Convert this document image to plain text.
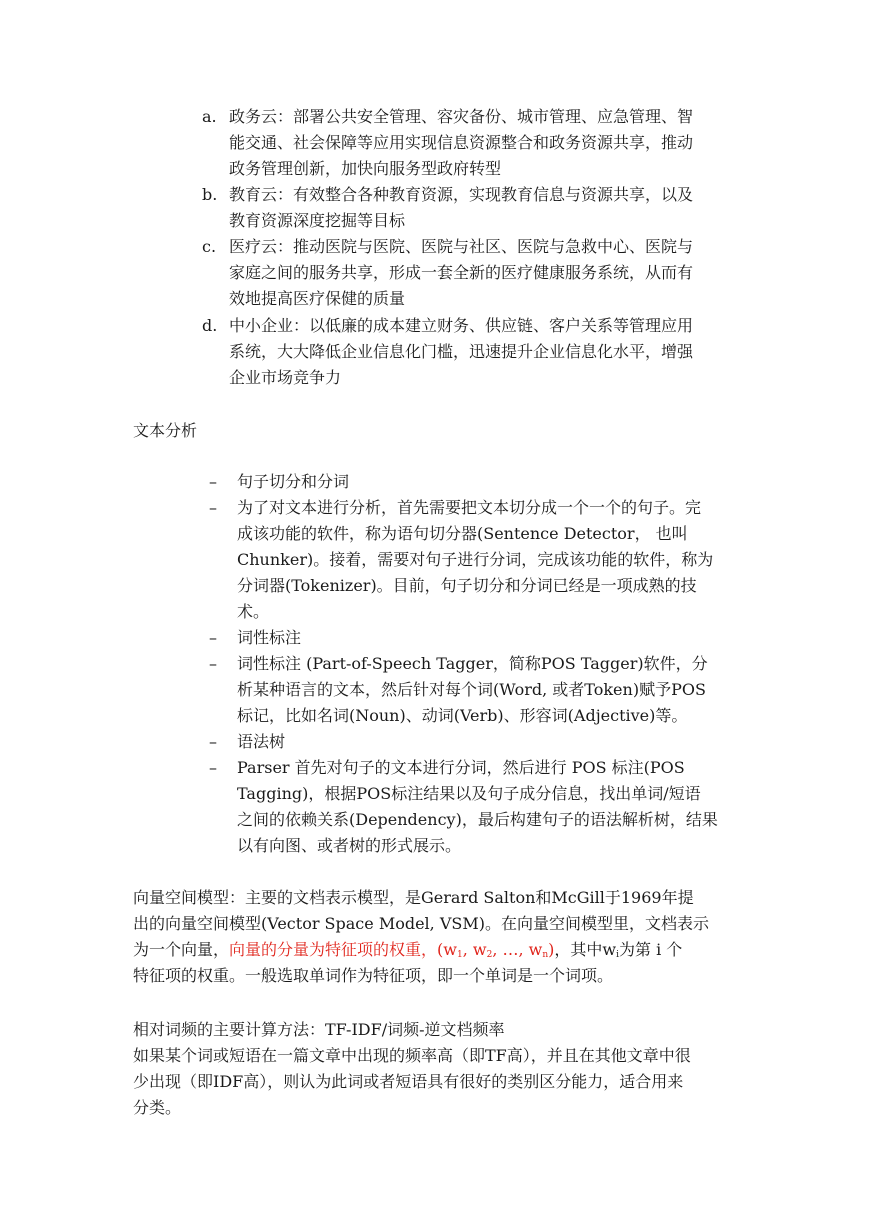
a. 政务云：部署公共安全管理、容灾备份、城市管理、应急管理、智
能交通、社会保障等应用实现信息资源整合和政务资源共享，推动
政务管理创新，加快向服务型政府转型
b. 教育云：有效整合各种教育资源，实现教育信息与资源共享，以及
教育资源深度挖掘等目标
c. 医疗云：推动医院与医院、医院与社区、医院与急救中心、医院与
家庭之间的服务共享，形成一套全新的医疗健康服务系统，从而有
效地提高医疗保健的质量
d. 中小企业：以低廉的成本建立财务、供应链、客户关系等管理应用
系统，大大降低企业信息化门槛，迅速提升企业信息化水平，增强
企业市场竞争力
文本分析
– 句子切分和分词
– 为了对文本进行分析，首先需要把文本切分成一个一个的句子。完
成该功能的软件，称为语句切分器(Sentence Detector， 也叫
Chunker)。接着，需要对句子进行分词，完成该功能的软件，称为
分词器(Tokenizer)。目前，句子切分和分词已经是一项成熟的技
术。
– 词性标注
– 词性标注 (Part-of-Speech Tagger，简称POS Tagger)软件，分
析某种语言的文本，然后针对每个词(Word, 或者Token)赋予POS
标记，比如名词(Noun)、动词(Verb)、形容词(Adjective)等。
– 语法树
– Parser 首先对句子的文本进行分词，然后进行 POS 标注(POS
Tagging)，根据POS标注结果以及句子成分信息，找出单词/短语
之间的依赖关系(Dependency)，最后构建句子的语法解析树，结果
以有向图、或者树的形式展示。
向量空间模型：主要的文档表示模型，是Gerard Salton和McGill于1969年提
出的向量空间模型(Vector Space Model, VSM)。在向量空间模型里，文档表示
为一个向量，向量的分量为特征项的权重，($w_1$, $w_2$, …, $w_n$)，其中$w_i$为第 i 个
特征项的权重。一般选取单词作为特征项，即一个单词是一个词项。
相对词频的主要计算方法：TF-IDF/词频-逆文档频率
如果某个词或短语在一篇文章中出现的频率高（即TF高），并且在其他文章中很
少出现（即IDF高），则认为此词或者短语具有很好的类别区分能力，适合用来
分类。
